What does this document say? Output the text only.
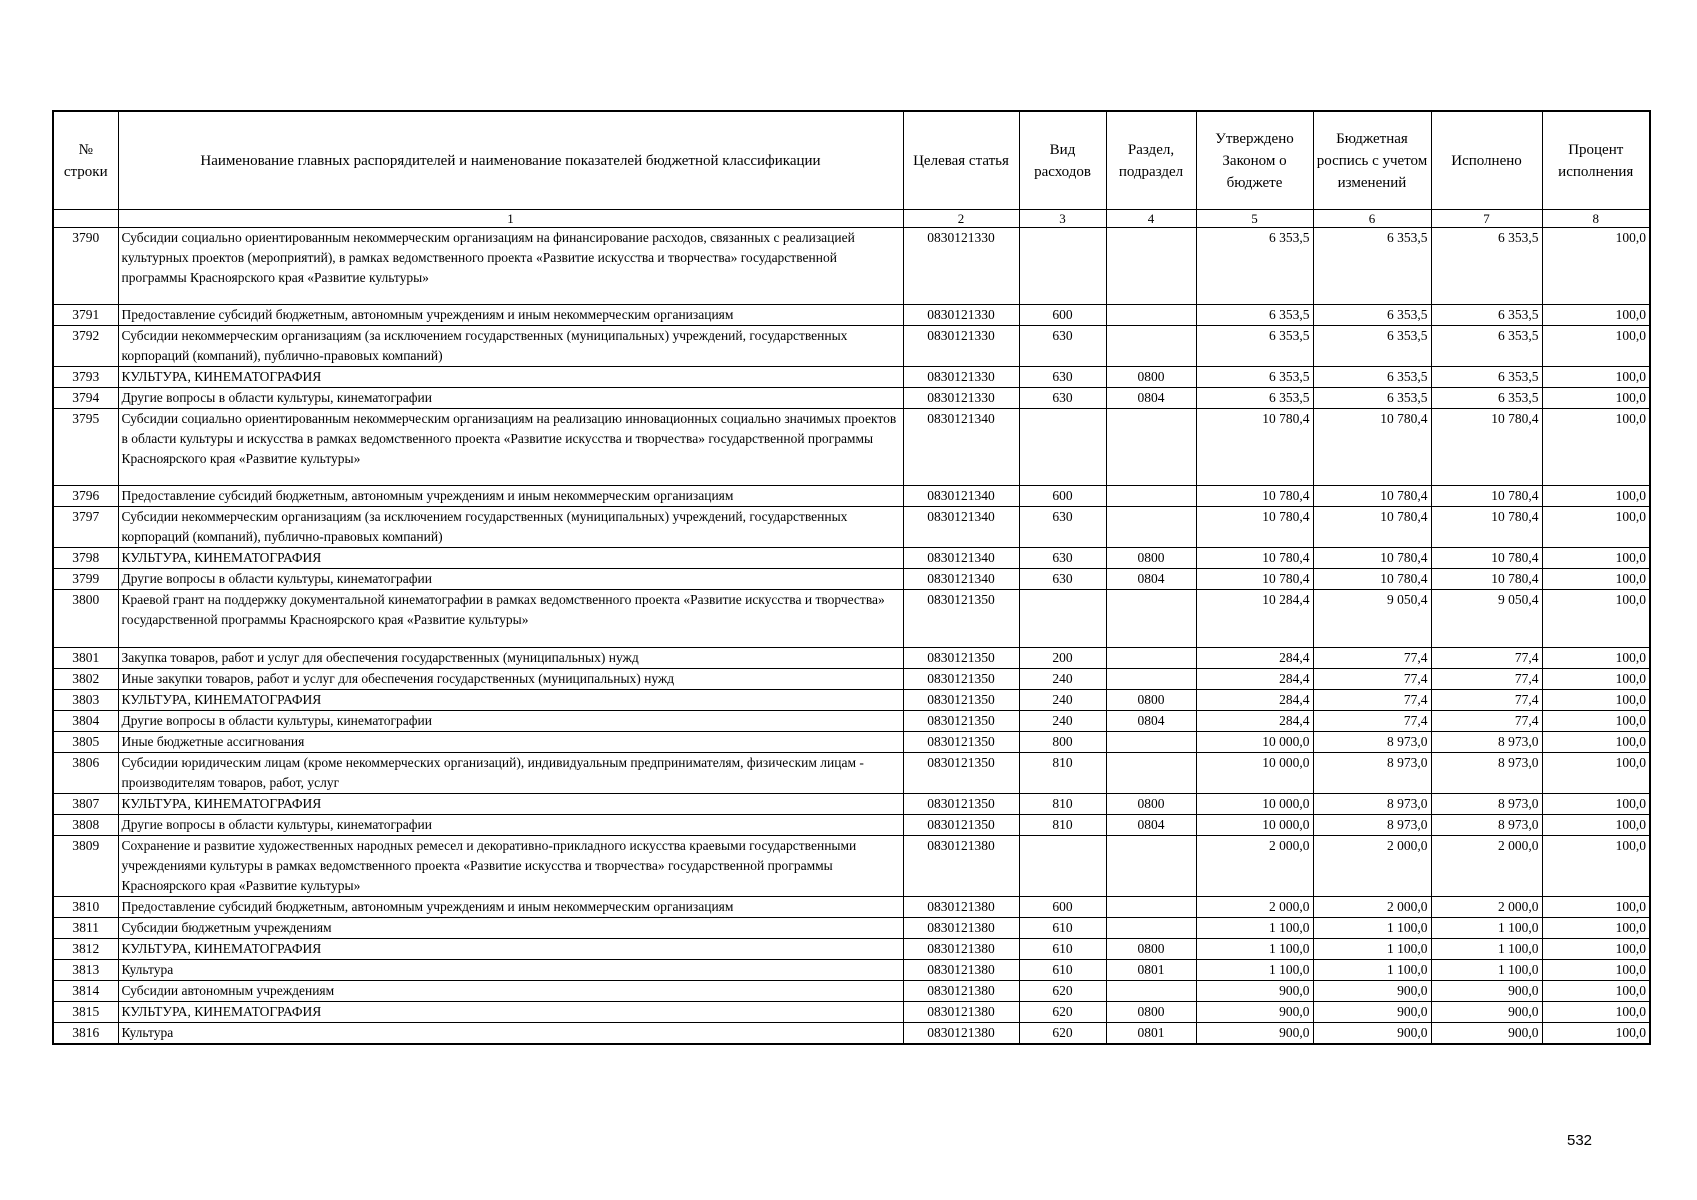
№ строки	Наименование главных распорядителей и наименование показателей бюджетной классификации	Целевая статья	Вид расходов	Раздел, подраздел	Утверждено Законом о бюджете	Бюджетная роспись с учетом изменений	Исполнено	Процент исполнения
	1	2	3	4	5	6	7	8
3790	Субсидии социально ориентированным некоммерческим организациям на финансирование расходов, связанных с реализацией культурных проектов (мероприятий), в рамках ведомственного проекта «Развитие искусства и творчества» государственной программы Красноярского края «Развитие культуры»	0830121330			6 353,5	6 353,5	6 353,5	100,0
3791	Предоставление субсидий бюджетным, автономным учреждениям и иным некоммерческим организациям	0830121330	600		6 353,5	6 353,5	6 353,5	100,0
3792	Субсидии некоммерческим организациям (за исключением государственных (муниципальных) учреждений, государственных корпораций (компаний), публично-правовых компаний)	0830121330	630		6 353,5	6 353,5	6 353,5	100,0
3793	КУЛЬТУРА, КИНЕМАТОГРАФИЯ	0830121330	630	0800	6 353,5	6 353,5	6 353,5	100,0
3794	Другие вопросы в области культуры, кинематографии	0830121330	630	0804	6 353,5	6 353,5	6 353,5	100,0
3795	Субсидии социально ориентированным некоммерческим организациям на реализацию инновационных социально значимых проектов в области культуры и искусства в рамках ведомственного проекта «Развитие искусства и творчества» государственной программы Красноярского края «Развитие культуры»	0830121340			10 780,4	10 780,4	10 780,4	100,0
3796	Предоставление субсидий бюджетным, автономным учреждениям и иным некоммерческим организациям	0830121340	600		10 780,4	10 780,4	10 780,4	100,0
3797	Субсидии некоммерческим организациям (за исключением государственных (муниципальных) учреждений, государственных корпораций (компаний), публично-правовых компаний)	0830121340	630		10 780,4	10 780,4	10 780,4	100,0
3798	КУЛЬТУРА, КИНЕМАТОГРАФИЯ	0830121340	630	0800	10 780,4	10 780,4	10 780,4	100,0
3799	Другие вопросы в области культуры, кинематографии	0830121340	630	0804	10 780,4	10 780,4	10 780,4	100,0
3800	Краевой грант на поддержку документальной кинематографии в рамках ведомственного проекта «Развитие искусства и творчества» государственной программы Красноярского края «Развитие культуры»	0830121350			10 284,4	9 050,4	9 050,4	100,0
3801	Закупка товаров, работ и услуг для обеспечения государственных (муниципальных) нужд	0830121350	200		284,4	77,4	77,4	100,0
3802	Иные закупки товаров, работ и услуг для обеспечения государственных (муниципальных) нужд	0830121350	240		284,4	77,4	77,4	100,0
3803	КУЛЬТУРА, КИНЕМАТОГРАФИЯ	0830121350	240	0800	284,4	77,4	77,4	100,0
3804	Другие вопросы в области культуры, кинематографии	0830121350	240	0804	284,4	77,4	77,4	100,0
3805	Иные бюджетные ассигнования	0830121350	800		10 000,0	8 973,0	8 973,0	100,0
3806	Субсидии юридическим лицам (кроме некоммерческих организаций), индивидуальным предпринимателям, физическим лицам - производителям товаров, работ, услуг	0830121350	810		10 000,0	8 973,0	8 973,0	100,0
3807	КУЛЬТУРА, КИНЕМАТОГРАФИЯ	0830121350	810	0800	10 000,0	8 973,0	8 973,0	100,0
3808	Другие вопросы в области культуры, кинематографии	0830121350	810	0804	10 000,0	8 973,0	8 973,0	100,0
3809	Сохранение и развитие художественных народных ремесел и декоративно-прикладного искусства краевыми государственными учреждениями культуры в рамках ведомственного проекта «Развитие искусства и творчества» государственной программы Красноярского края «Развитие культуры»	0830121380			2 000,0	2 000,0	2 000,0	100,0
3810	Предоставление субсидий бюджетным, автономным учреждениям и иным некоммерческим организациям	0830121380	600		2 000,0	2 000,0	2 000,0	100,0
3811	Субсидии бюджетным учреждениям	0830121380	610		1 100,0	1 100,0	1 100,0	100,0
3812	КУЛЬТУРА, КИНЕМАТОГРАФИЯ	0830121380	610	0800	1 100,0	1 100,0	1 100,0	100,0
3813	Культура	0830121380	610	0801	1 100,0	1 100,0	1 100,0	100,0
3814	Субсидии автономным учреждениям	0830121380	620		900,0	900,0	900,0	100,0
3815	КУЛЬТУРА, КИНЕМАТОГРАФИЯ	0830121380	620	0800	900,0	900,0	900,0	100,0
3816	Культура	0830121380	620	0801	900,0	900,0	900,0	100,0
532
